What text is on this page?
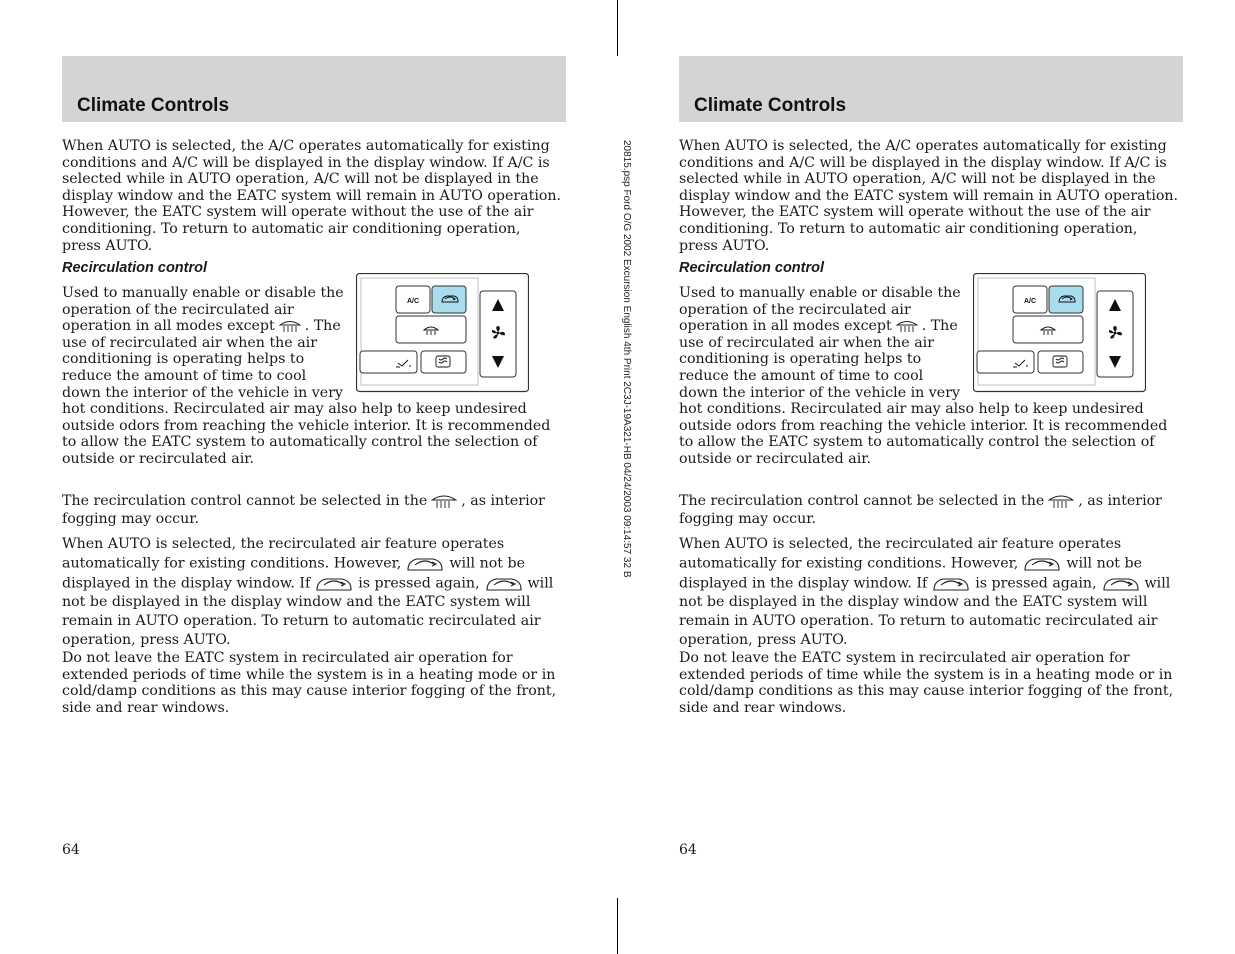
20815.psp Ford O/G 2002 Excursion English 4th Print 2C3J-19A321-HB 04/24/2003 09:14:57 32 B
Climate Controls

When AUTO is selected, the A/C operates automatically for existing conditions and A/C will be displayed in the display window. If A/C is selected while in AUTO operation, A/C will not be displayed in the display window and the EATC system will remain in AUTO operation. However, the EATC system will operate without the use of the air conditioning. To return to automatic air conditioning operation, press AUTO.

Recirculation control

A/C
Used to manually enable or disable the operation of the recirculated air operation in all modes except . The use of recirculated air when the air conditioning is operating helps to reduce the amount of time to cool down the interior of the vehicle in very hot conditions. Recirculated air may also help to keep undesired outside odors from reaching the vehicle interior. It is recommended to allow the EATC system to automatically control the selection of outside or recirculated air.

The recirculation control cannot be selected in the , as interior fogging may occur.

When AUTO is selected, the recirculated air feature operates automatically for existing conditions. However,	will not be displayed in the display window. If	is pressed again,	will not be displayed in the display window and the EATC system will remain in AUTO operation. To return to automatic recirculated air operation, press AUTO.

Do not leave the EATC system in recirculated air operation for extended periods of time while the system is in a heating mode or in cold/damp conditions as this may cause interior fogging of the front, side and rear windows.

64
Climate Controls

When AUTO is selected, the A/C operates automatically for existing conditions and A/C will be displayed in the display window. If A/C is selected while in AUTO operation, A/C will not be displayed in the display window and the EATC system will remain in AUTO operation. However, the EATC system will operate without the use of the air conditioning. To return to automatic air conditioning operation, press AUTO.

Recirculation control

A/C
Used to manually enable or disable the operation of the recirculated air operation in all modes except . The use of recirculated air when the air conditioning is operating helps to reduce the amount of time to cool down the interior of the vehicle in very hot conditions. Recirculated air may also help to keep undesired outside odors from reaching the vehicle interior. It is recommended to allow the EATC system to automatically control the selection of outside or recirculated air.

The recirculation control cannot be selected in the , as interior fogging may occur.

When AUTO is selected, the recirculated air feature operates automatically for existing conditions. However,	will not be displayed in the display window. If	is pressed again,	will not be displayed in the display window and the EATC system will remain in AUTO operation. To return to automatic recirculated air operation, press AUTO.

Do not leave the EATC system in recirculated air operation for extended periods of time while the system is in a heating mode or in cold/damp conditions as this may cause interior fogging of the front, side and rear windows.

64
